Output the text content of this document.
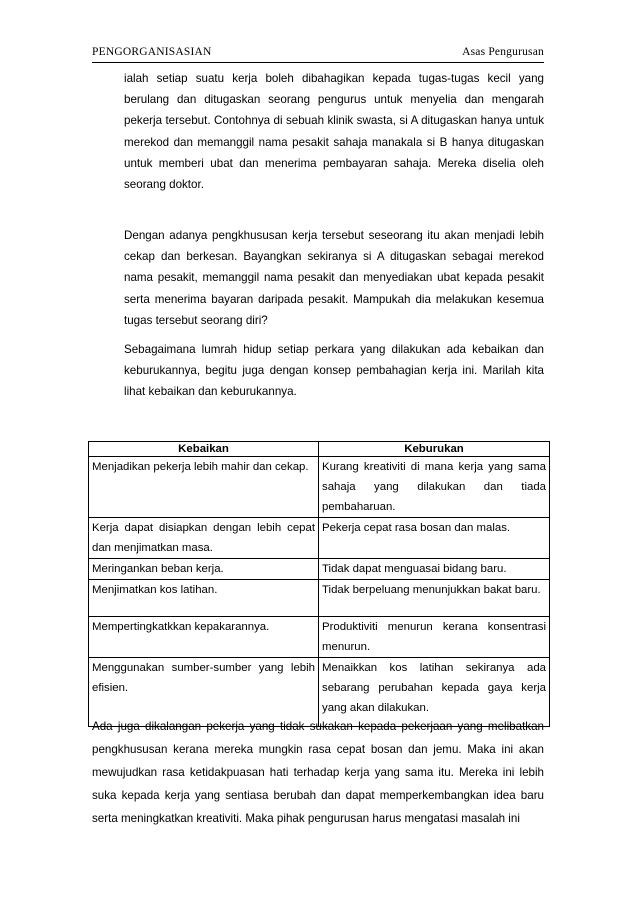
PENGORGANISASIAN	Asas Pengurusan

ialah setiap suatu kerja boleh dibahagikan kepada tugas-tugas kecil yang berulang dan ditugaskan seorang pengurus untuk menyelia dan mengarah pekerja tersebut. Contohnya di sebuah klinik swasta, si A ditugaskan hanya untuk merekod dan memanggil nama pesakit sahaja manakala si B hanya ditugaskan untuk memberi ubat dan menerima pembayaran sahaja. Mereka diselia oleh seorang doktor.

Dengan adanya pengkhususan kerja tersebut seseorang itu akan menjadi lebih cekap dan berkesan. Bayangkan sekiranya si A ditugaskan sebagai merekod nama pesakit, memanggil nama pesakit dan menyediakan ubat kepada pesakit serta menerima bayaran daripada pesakit. Mampukah dia melakukan kesemua tugas tersebut seorang diri?

Sebagaimana lumrah hidup setiap perkara yang dilakukan ada kebaikan dan keburukannya, begitu juga dengan konsep pembahagian kerja ini. Marilah kita lihat kebaikan dan keburukannya.

Kebaikan	Keburukan
Menjadikan pekerja lebih mahir dan cekap.	Kurang kreativiti di mana kerja yang sama sahaja yang dilakukan dan tiada pembaharuan.
Kerja dapat disiapkan dengan lebih cepat dan menjimatkan masa.	Pekerja cepat rasa bosan dan malas.
Meringankan beban kerja.	Tidak dapat menguasai bidang baru.
Menjimatkan kos latihan.	Tidak berpeluang menunjukkan bakat baru.
Mempertingkatkkan kepakarannya.	Produktiviti menurun kerana konsentrasi menurun.
Menggunakan sumber-sumber yang lebih efisien.	Menaikkan kos latihan sekiranya ada sebarang perubahan kepada gaya kerja yang akan dilakukan.

Ada juga dikalangan pekerja yang tidak sukakan kepada pekerjaan yang melibatkan pengkhususan kerana mereka mungkin rasa cepat bosan dan jemu. Maka ini akan mewujudkan rasa ketidakpuasan hati terhadap kerja yang sama itu. Mereka ini lebih suka kepada kerja yang sentiasa berubah dan dapat memperkembangkan idea baru serta meningkatkan kreativiti. Maka pihak pengurusan harus mengatasi masalah ini
